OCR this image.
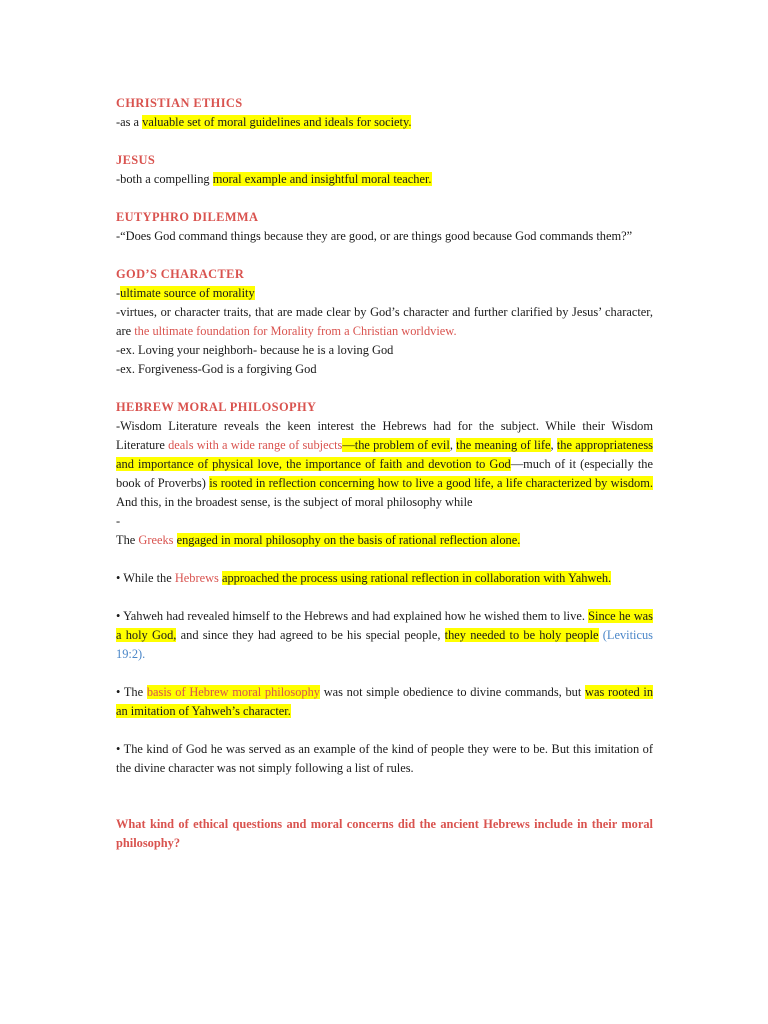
CHRISTIAN ETHICS

-as a valuable set of moral guidelines and ideals for society.

JESUS

-both a compelling moral example and insightful moral teacher.

EUTYPHRO DILEMMA

-“Does God command things because they are good, or are things good because God commands them?”

GOD’S CHARACTER

-ultimate source of morality

-virtues, or character traits, that are made clear by God’s character and further clarified by Jesus’ character, are the ultimate foundation for Morality from a Christian worldview.

-ex. Loving your neighborh- because he is a loving God

-ex. Forgiveness-God is a forgiving God

HEBREW MORAL PHILOSOPHY

-Wisdom Literature reveals the keen interest the Hebrews had for the subject. While their Wisdom Literature deals with a wide range of subjects—the problem of evil, the meaning of life, the appropriateness and importance of physical love, the importance of faith and devotion to God—much of it (especially the book of Proverbs) is rooted in reflection concerning how to live a good life, a life characterized by wisdom. And this, in the broadest sense, is the subject of moral philosophy while

-

The Greeks engaged in moral philosophy on the basis of rational reflection alone.

• While the Hebrews approached the process using rational reflection in collaboration with Yahweh.

• Yahweh had revealed himself to the Hebrews and had explained how he wished them to live. Since he was a holy God, and since they had agreed to be his special people, they needed to be holy people (Leviticus 19:2).

• The basis of Hebrew moral philosophy was not simple obedience to divine commands, but was rooted in an imitation of Yahweh’s character.

• The kind of God he was served as an example of the kind of people they were to be. But this imitation of the divine character was not simply following a list of rules.

What kind of ethical questions and moral concerns did the ancient Hebrews include in their moral philosophy?
